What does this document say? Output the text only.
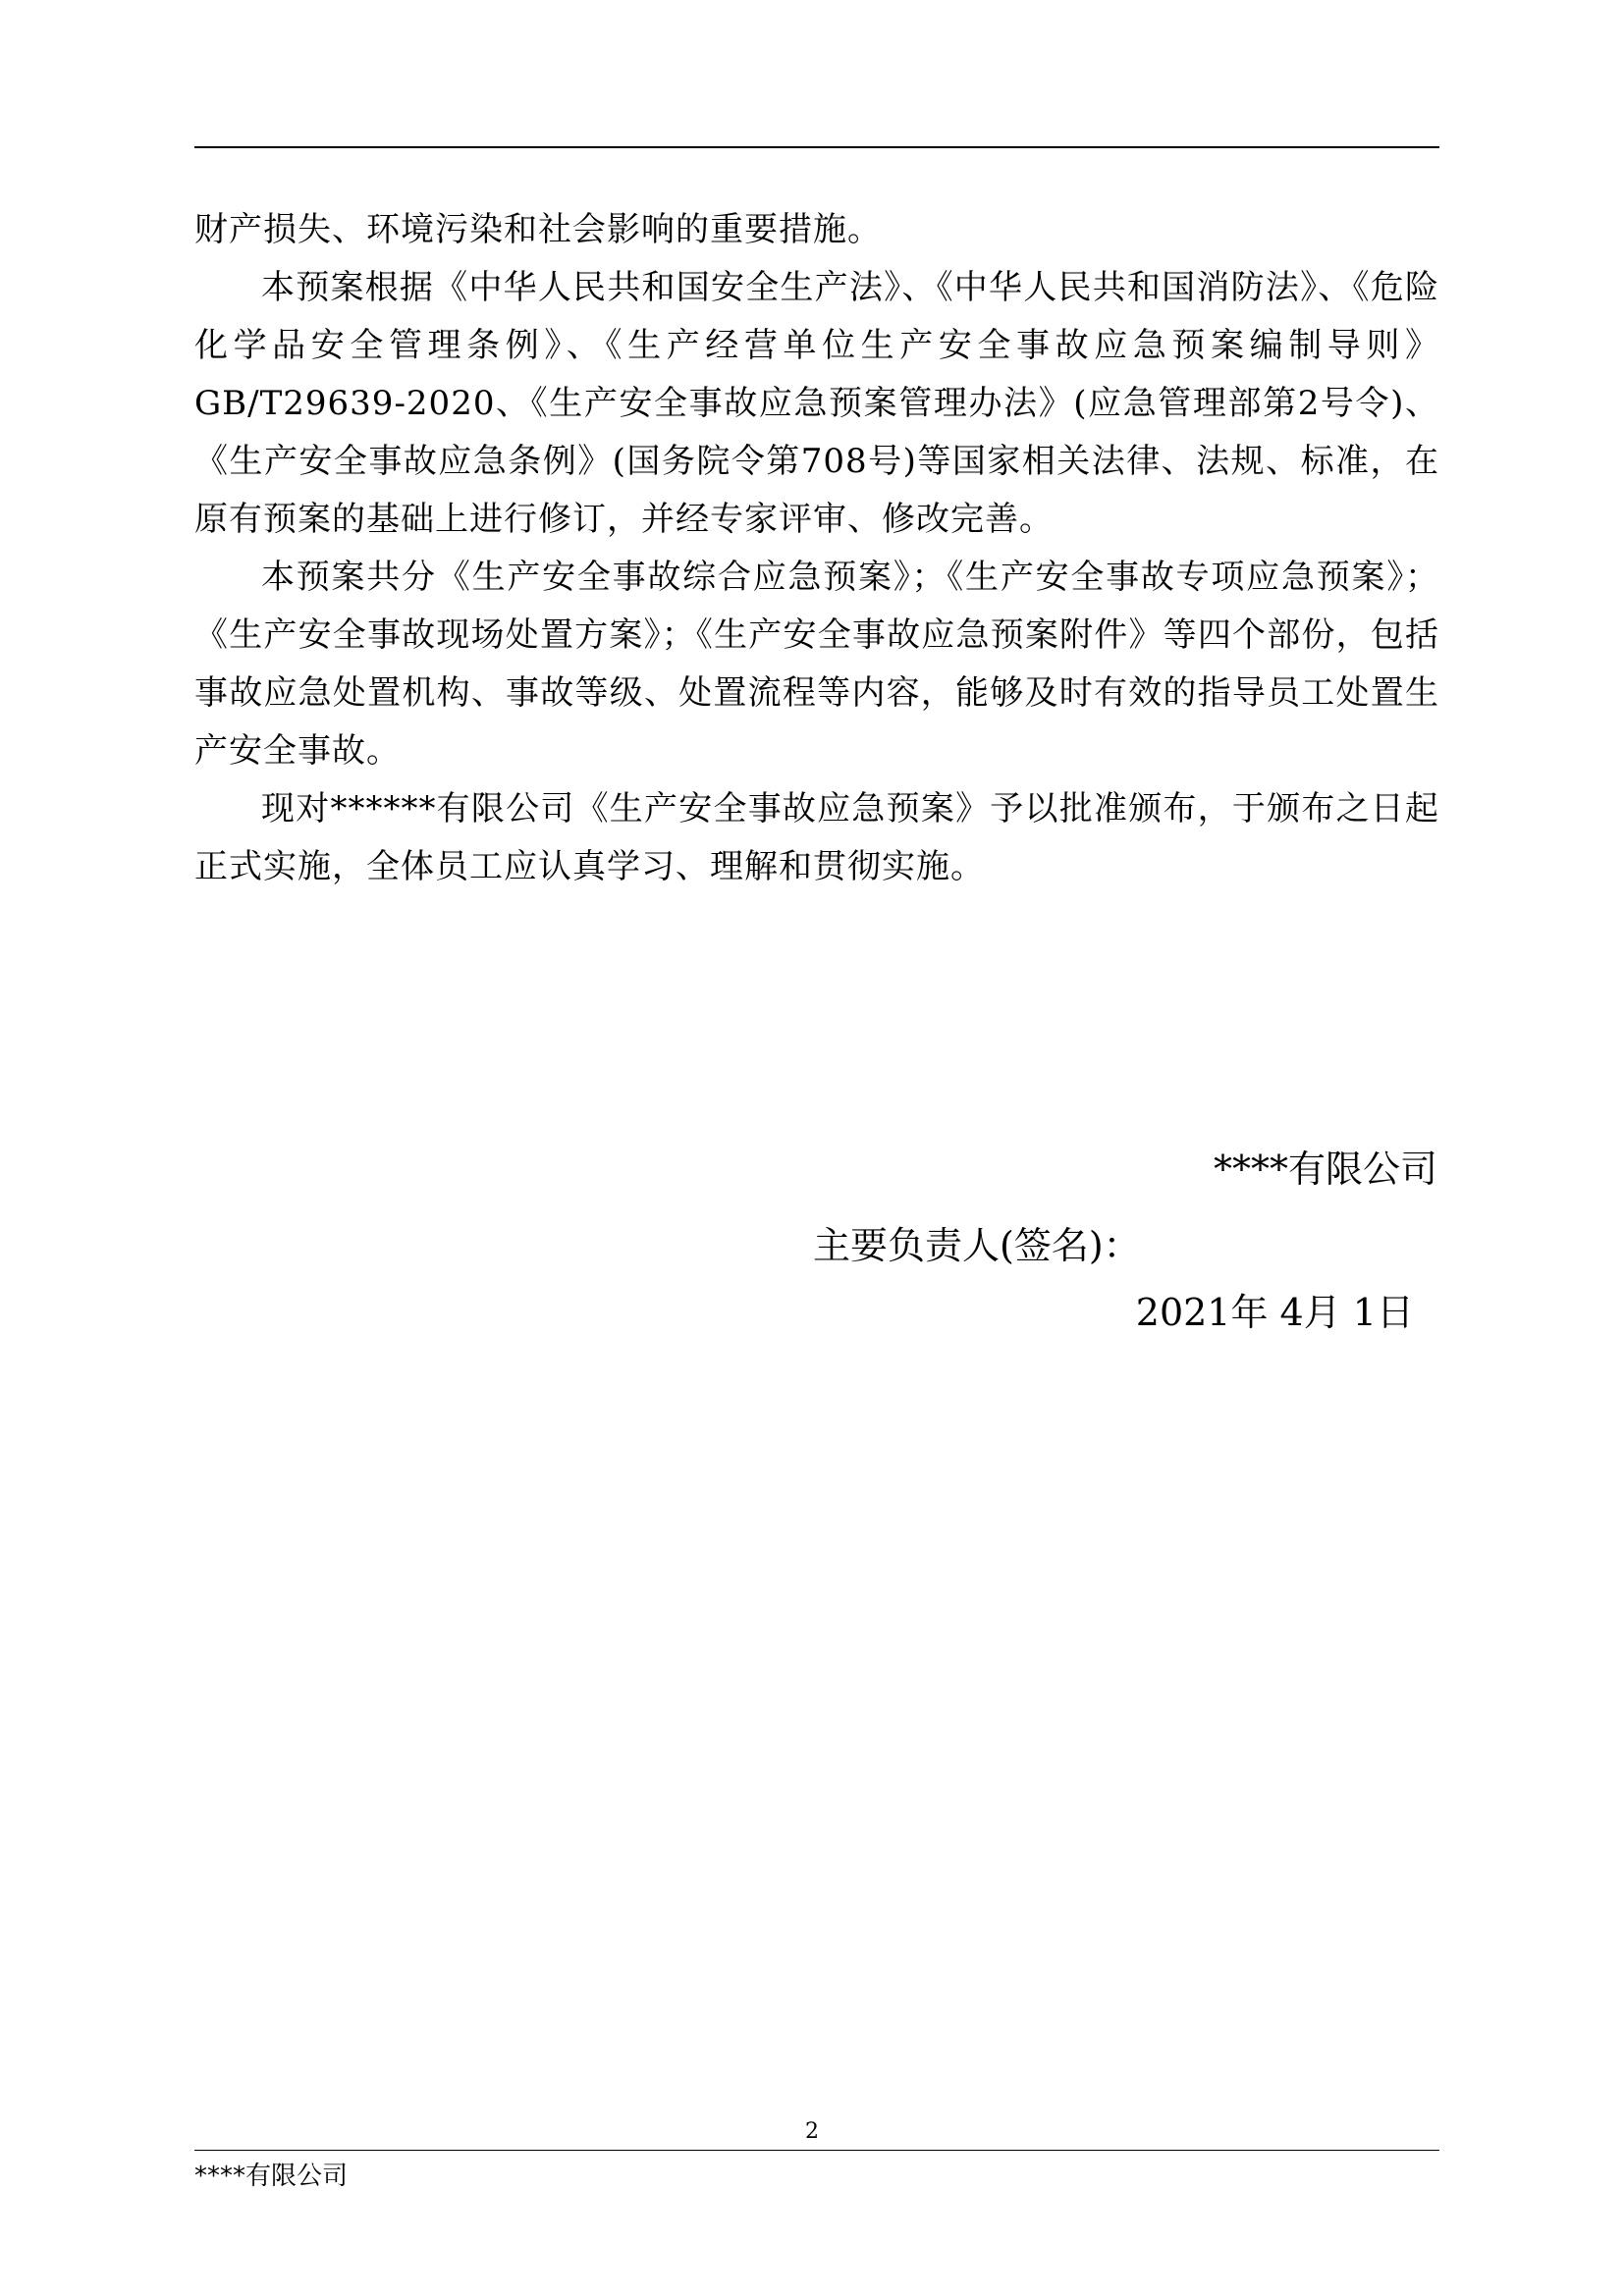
财产损失、环境污染和社会影响的重要措施。

本预案根据《中华人民共和国安全生产法》、《中华人民共和国消防法》、《危险化学品安全管理条例》、《生产经营单位生产安全事故应急预案编制导则》GB/T29639-2020、《生产安全事故应急预案管理办法》(应急管理部第2号令)、《生产安全事故应急条例》(国务院令第708号)等国家相关法律、法规、标准，在原有预案的基础上进行修订，并经专家评审、修改完善。

本预案共分《生产安全事故综合应急预案》；《生产安全事故专项应急预案》；《生产安全事故现场处置方案》；《生产安全事故应急预案附件》等四个部份，包括事故应急处置机构、事故等级、处置流程等内容，能够及时有效的指导员工处置生产安全事故。

现对******有限公司《生产安全事故应急预案》予以批准颁布，于颁布之日起正式实施，全体员工应认真学习、理解和贯彻实施。

****有限公司
主要负责人(签名)：
2021年 4月 1日
2
****有限公司
